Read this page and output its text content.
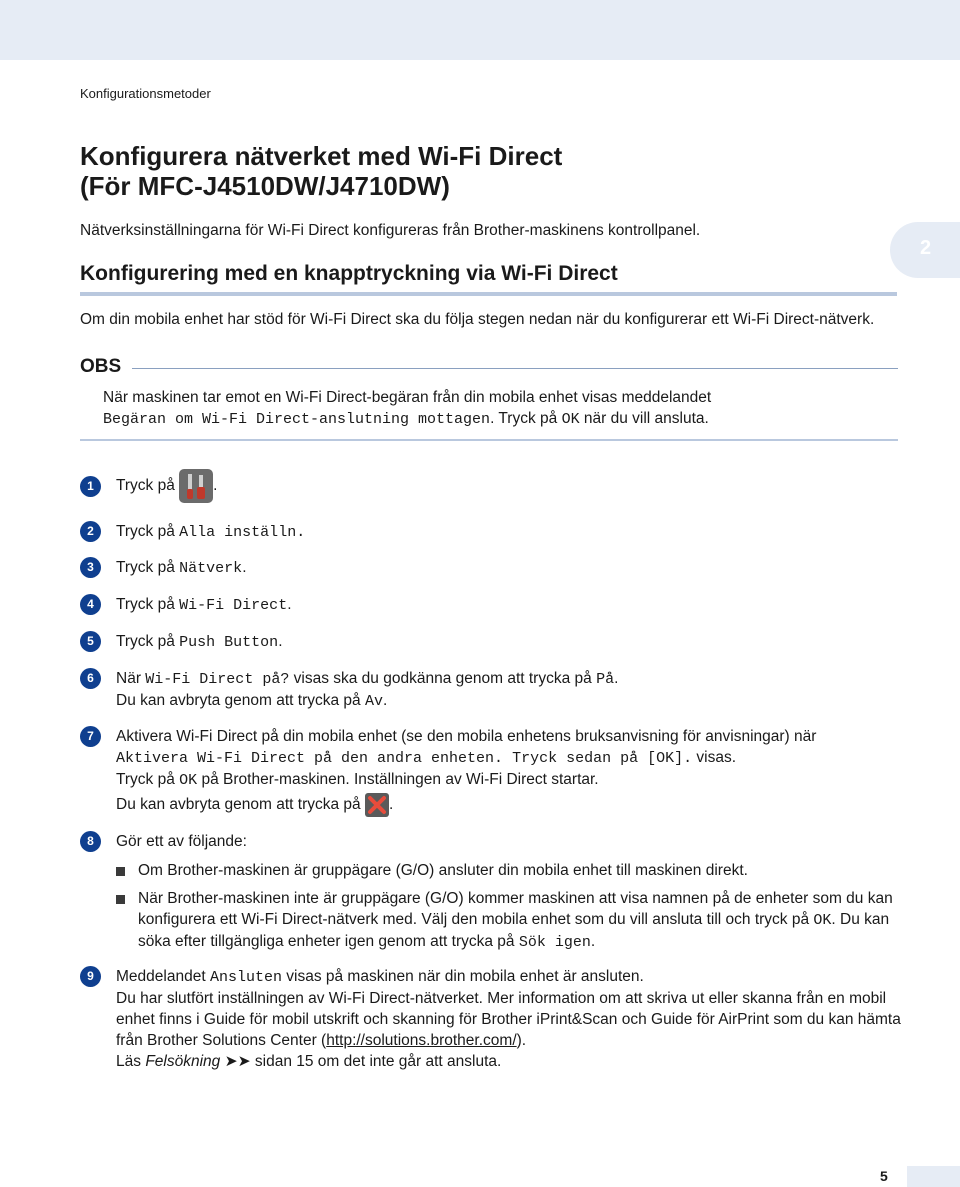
Konfigurationsmetoder
Konfigurera nätverket med Wi-Fi Direct
(För MFC-J4510DW/J4710DW)
Nätverksinställningarna för Wi-Fi Direct konfigureras från Brother-maskinens kontrollpanel.
2
Konfigurering med en knapptryckning via Wi-Fi Direct
Om din mobila enhet har stöd för Wi-Fi Direct ska du följa stegen nedan när du konfigurerar ett Wi-Fi Direct-nätverk.
OBS
När maskinen tar emot en Wi-Fi Direct-begäran från din mobila enhet visas meddelandet
Begäran om Wi-Fi Direct-anslutning mottagen. Tryck på OK när du vill ansluta.
1	Tryck på .
2	Tryck på Alla inställn.
3	Tryck på Nätverk.
4	Tryck på Wi-Fi Direct.
5	Tryck på Push Button.
6	När Wi-Fi Direct på? visas ska du godkänna genom att trycka på På.
Du kan avbryta genom att trycka på Av.
7	Aktivera Wi-Fi Direct på din mobila enhet (se den mobila enhetens bruksanvisning för anvisningar) när
Aktivera Wi-Fi Direct på den andra enheten. Tryck sedan på [OK]. visas.
Tryck på OK på Brother-maskinen. Inställningen av Wi-Fi Direct startar.
Du kan avbryta genom att trycka på .
8	Gör ett av följande:
Om Brother-maskinen är gruppägare (G/O) ansluter din mobila enhet till maskinen direkt.
När Brother-maskinen inte är gruppägare (G/O) kommer maskinen att visa namnen på de enheter som du kan konfigurera ett Wi-Fi Direct-nätverk med. Välj den mobila enhet som du vill ansluta till och tryck på OK. Du kan söka efter tillgängliga enheter igen genom att trycka på Sök igen.
9	Meddelandet Ansluten visas på maskinen när din mobila enhet är ansluten.
Du har slutfört inställningen av Wi-Fi Direct-nätverket. Mer information om att skriva ut eller skanna från en mobil enhet finns i Guide för mobil utskrift och skanning för Brother iPrint&Scan och Guide för AirPrint som du kan hämta från Brother Solutions Center (http://solutions.brother.com/).
Läs Felsökning ➤➤ sidan 15 om det inte går att ansluta.
5
